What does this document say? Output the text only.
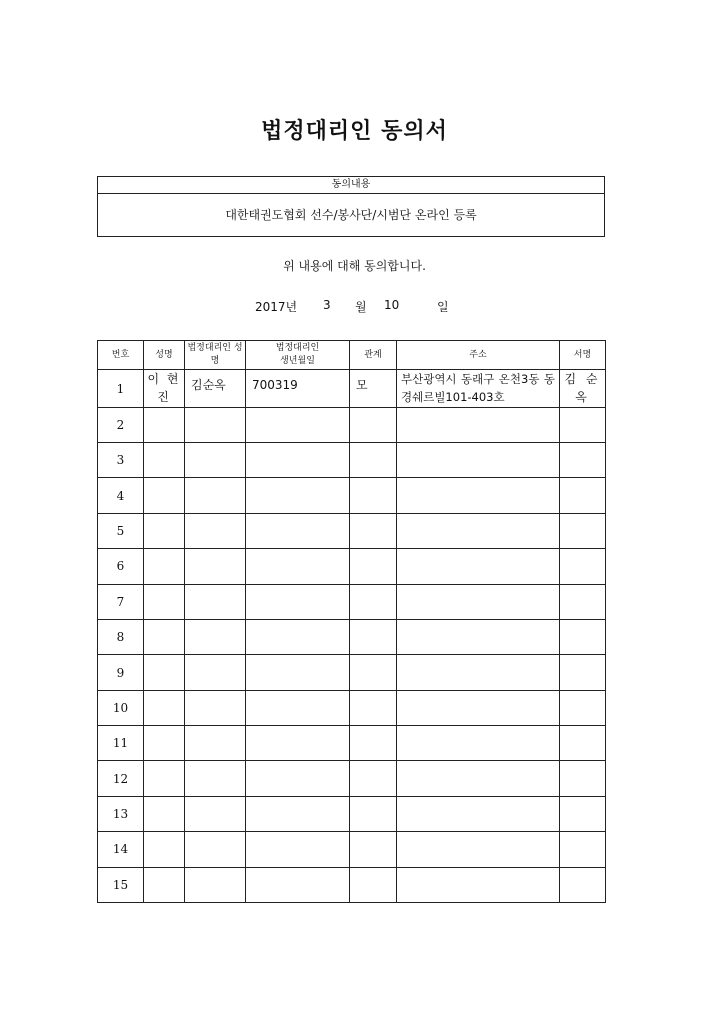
법정대리인 동의서
동의내용
대한태권도협회 선수/봉사단/시범단 온라인 등록
위 내용에 대해 동의합니다.
2017년 3 월 10	일
번호	성명	법정대리인 성명	법정대리인 생년월일	관계	주소	서명
1	이 현 진	김순옥	700319	모	부산광역시 동래구 온천3동 동경쉐르빌101-403호	김 순 옥
2						
3						
4						
5						
6						
7						
8						
9						
10						
11						
12						
13						
14						
15						
